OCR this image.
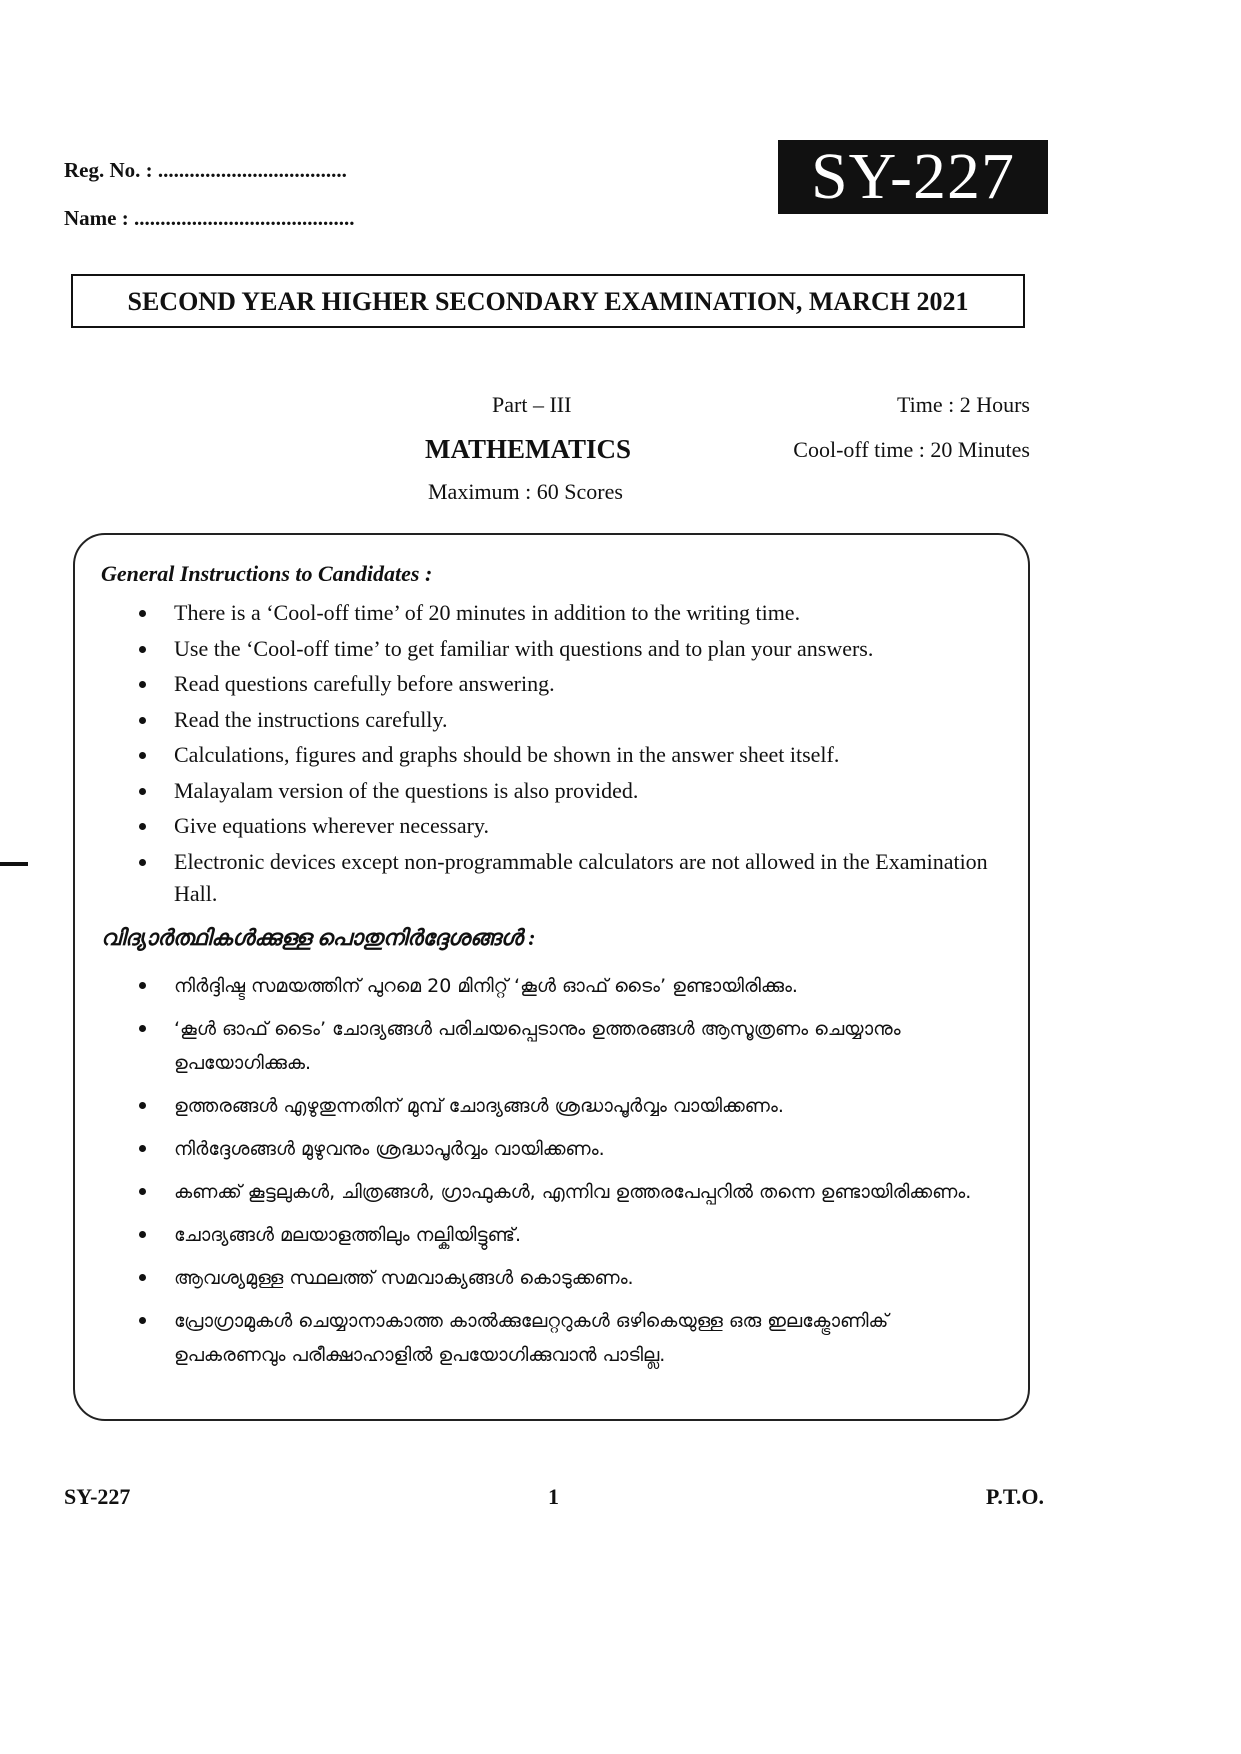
Reg. No. : ....................................
Name : ..........................................
SY-227
SECOND YEAR HIGHER SECONDARY EXAMINATION, MARCH 2021
Part – III
MATHEMATICS
Maximum : 60 Scores
Time : 2 Hours
Cool-off time : 20 Minutes
General Instructions to Candidates :
There is a ‘Cool-off time’ of 20 minutes in addition to the writing time.
Use the ‘Cool-off time’ to get familiar with questions and to plan your answers.
Read questions carefully before answering.
Read the instructions carefully.
Calculations, figures and graphs should be shown in the answer sheet itself.
Malayalam version of the questions is also provided.
Give equations wherever necessary.
Electronic devices except non-programmable calculators are not allowed in the Examination Hall.
വിദ്യാർത്ഥികൾക്കുള്ള പൊതുനിർദ്ദേശങ്ങൾ :
നിർദ്ദിഷ്ട സമയത്തിന് പുറമെ 20 മിനിറ്റ് ‘കൂൾ ഓഫ് ടൈം’ ഉണ്ടായിരിക്കും.
‘കൂൾ ഓഫ് ടൈം’ ചോദ്യങ്ങൾ പരിചയപ്പെടാനും ഉത്തരങ്ങൾ ആസൂത്രണം ചെയ്യാനും ഉപയോഗിക്കുക.
ഉത്തരങ്ങൾ എഴുതുന്നതിന് മുമ്പ് ചോദ്യങ്ങൾ ശ്രദ്ധാപൂർവ്വം വായിക്കണം.
നിർദ്ദേശങ്ങൾ മുഴുവനും ശ്രദ്ധാപൂർവ്വം വായിക്കണം.
കണക്ക് കൂട്ടലുകൾ, ചിത്രങ്ങൾ, ഗ്രാഫുകൾ, എന്നിവ ഉത്തരപേപ്പറിൽ തന്നെ ഉണ്ടായിരിക്കണം.
ചോദ്യങ്ങൾ മലയാളത്തിലും നല്കിയിട്ടുണ്ട്.
ആവശ്യമുള്ള സ്ഥലത്ത് സമവാക്യങ്ങൾ കൊടുക്കണം.
പ്രോഗ്രാമുകൾ ചെയ്യാനാകാത്ത കാൽക്കുലേറ്ററുകൾ ഒഴികെയുള്ള ഒരു ഇലക്ട്രോണിക് ഉപകരണവും പരീക്ഷാഹാളിൽ ഉപയോഗിക്കുവാൻ പാടില്ല.
SY-227	1	P.T.O.
